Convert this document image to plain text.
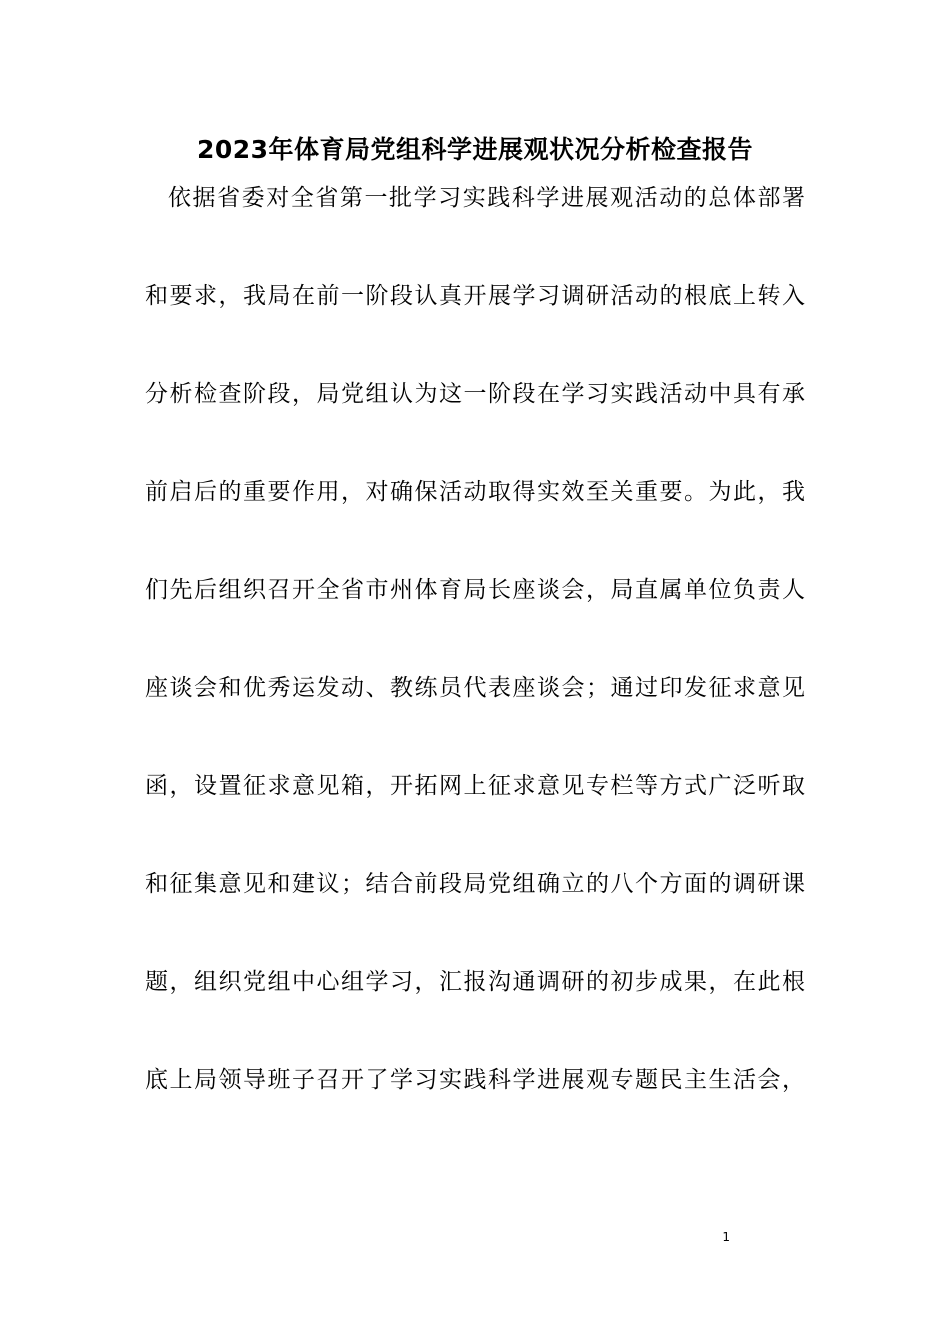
2023年体育局党组科学进展观状况分析检查报告
依据省委对全省第一批学习实践科学进展观活动的总体部署
和要求，我局在前一阶段认真开展学习调研活动的根底上转入
分析检查阶段，局党组认为这一阶段在学习实践活动中具有承
前启后的重要作用，对确保活动取得实效至关重要。为此，我
们先后组织召开全省市州体育局长座谈会，局直属单位负责人
座谈会和优秀运发动、教练员代表座谈会；通过印发征求意见
函，设置征求意见箱，开拓网上征求意见专栏等方式广泛听取
和征集意见和建议；结合前段局党组确立的八个方面的调研课
题，组织党组中心组学习，汇报沟通调研的初步成果，在此根
底上局领导班子召开了学习实践科学进展观专题民主生活会，
1
